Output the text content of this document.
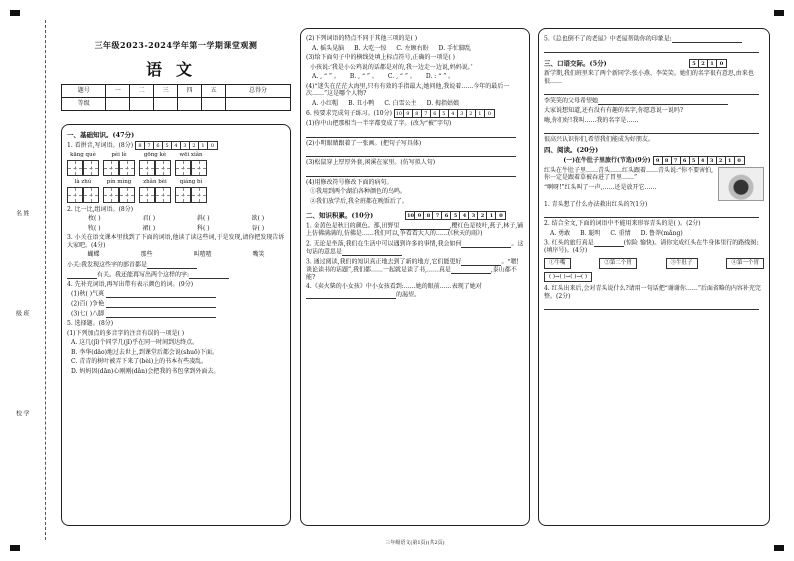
姓名
班级
学校
三年级2023-2024学年第一学期课堂观测
语文
题号	一	二	三	四	五	总得分
等级						
一、基础知识。(47分)
1. 看拼音,写词语。(8分)	8	7	6	5	4	3	2	1	0
kāng què	pèi lè	gōng kè	wēi xiǎn
là zhú	pín mìng	zhǎn bèi	qiáng bì
2. 比一比,组词语。(8分)
枚( )	君( )	斜( )	欲( )
牧( )	裙( )	科( )	谷( )
3. 小关在语文课本里找到了下面的词语,他读了读这些词,于是发现,请你把发现告诉大家吧。(4分)
蝴蝶	那些	叫喳喳	嘴笑
小关:我发现这些字的部首都是
有关。我还能再写出两个这样的字:
4. 先补充词语,再写出带有表示颜色的词。(9分)
(1)秋( )气爽
(2)百( )争艳
(3)七( )八脚
5. 选择题。(8分)
(1)下列加点的多音字的注音有误的一项是( )
A. 这几(jǐ)个同学几(jī)乎在同一时间到达终点。
B. 李华(dǎo)地过去世上,到课堂后都会说(shuō)下面。
C. 青青的树叶被弄下来了(bèi)上的书本有些凌乱。
D. 妈妈因(dān)心刚刚(dǎn)会把我的书包拿到外面去。
(2)下列词语的特点不同于其他三项的是( )
A. 摇头晃脑 B. 大吃一惊 C. 左顾右盼 D. 手忙脚乱
(3)给下面句子中的横线处填上标点符号,正确的一项是( )
小孩说:‘我是小公鸡说的话都是对的,我一边走一边说,妈妈说。’
A. , “ ” 。 B. , “ ” 。 C. , “ ” 。 D. : “ ” 。
(4)“迷失在茫茫大海里,只有有效的手指最大,她问他,我说着……今年的最后一次……”这是哪个人物?
A. 小红帽 B. 丑小鸭 C. 白雪公主 D. 拇指姑娘
6. 按要求完成句子练习。(10分) 10 9	8	7	6	5	4	3	2	1	0
(1)你中山把那相当一半字都变成了字。(改为“被”字句)
(2)小明眼睛跟着了一张画。(把句子写具体)
(3)松鼠穿上厚厚外套,闲溪在家里。(仿写拟人句)
(4)用修改符号修改下面的病句。
①我用到两个湖泊各种颜色的鸟鸣。
②我们放学后,我全班都在晚饭后了。
二、知识积累。(10分)	10 9	8	7	6	5	4	3	2	1	0
1. 金黄色是秋日的颜色。那,田野里	,樱红色是枝叶,燕子,林子,铺上仿佛满满的,仿佛是……我们可以,争看看大人的……(《秋天的雨》)
2. 无论是坐落,我们在生活中可以遇到许多的事情,我会如何	。这句话的意思是
3. 通过阅读,我们的知识真正地去到了新的地方,它们能更好	。“嗯!谈论读书的话题”,我们都……一起就是读了书,……真是	,泰山都不能?
4.《卖火柴的小女孩》中小女孩看到:……她的眼前……表现了她对的渴望。
5.《总也倒不了的老屋》中老屋帮助你的印象是:
三、口语交际。(5分)	5	2	1	0
新学期,我们班里来了两个新同学:张小燕、李笑笑。她们的名字很有意思,由来也很……
李笑笑的父母希望她
大家说想知道,还有没有有趣的名字,你愿意说一说吗?
嗨,你们好!我叫……我的名字是……
很高兴认识你们,希望我们能成为好朋友。
四、阅读。(20分)
(一)在牛肚子里旅行(节选)(9分)	9	8	7	6	5	4	3	2	1	0
红头在牛肚子里……青头……红头跟着……青头说:“你不要害怕,你一定是跟着草被吞进了胃里……”
“啊呀!”红头叫了一声,……还是放开它……
1. 青头想了什么办法救出红头的?(1分)
2. 结合全文,下面的词语中不能用来形容青头的是( )。(2分)
A. 勇敢 B. 聪明 C. 重情 D. 鲁莽(mǎng)
3. 红头的旅行真是	(惊险 愉快)。请你完成红头在牛身体里行的路线图:(填序号)。(4分)
①牛嘴	②第二个胃	③牛肚子	④第一个胃
( )→( )→( )→( )
4. 红头出来后,会对青头说什么?请用一句话把“谢谢你……”后面省略的内容补充完整。(2分)
三年级语文(第1页)(共2页)
